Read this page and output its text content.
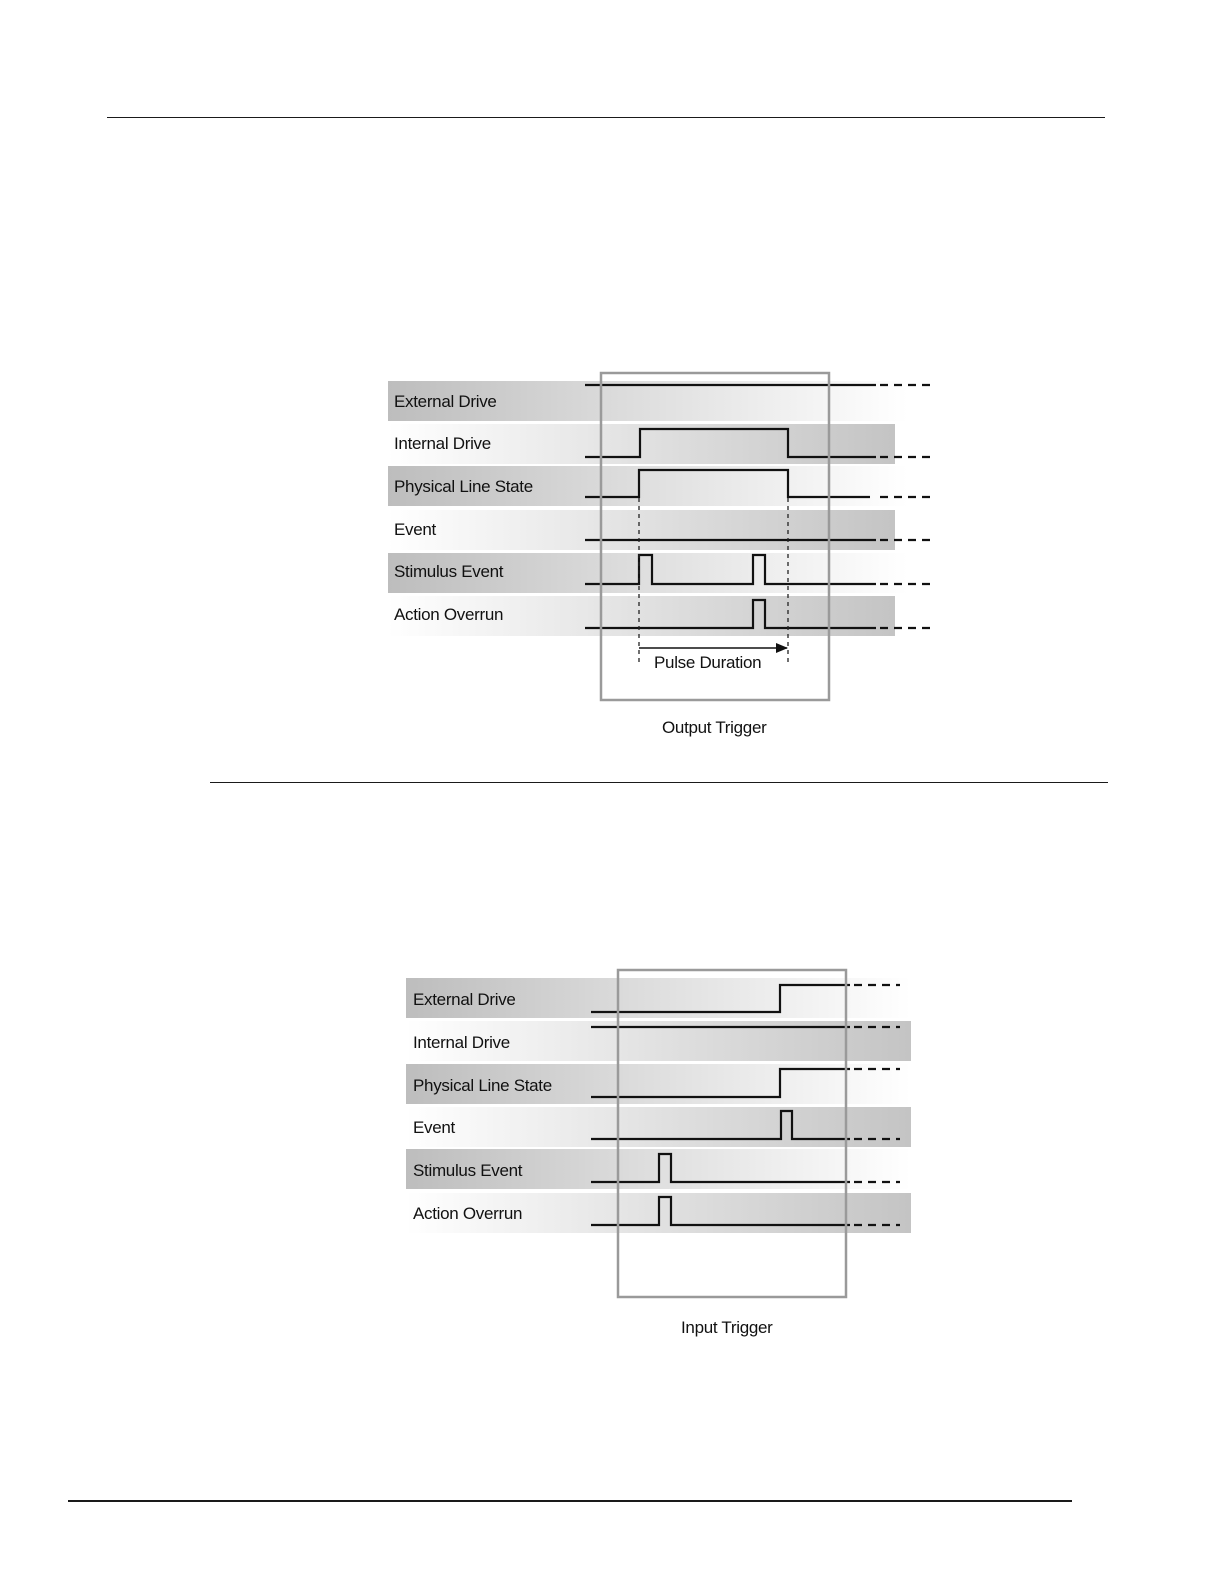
External Drive
Internal Drive
Physical Line State
Event
Stimulus Event
Action Overrun
Pulse Duration
Output Trigger
External Drive
Internal Drive
Physical Line State
Event
Stimulus Event
Action Overrun
Input Trigger
